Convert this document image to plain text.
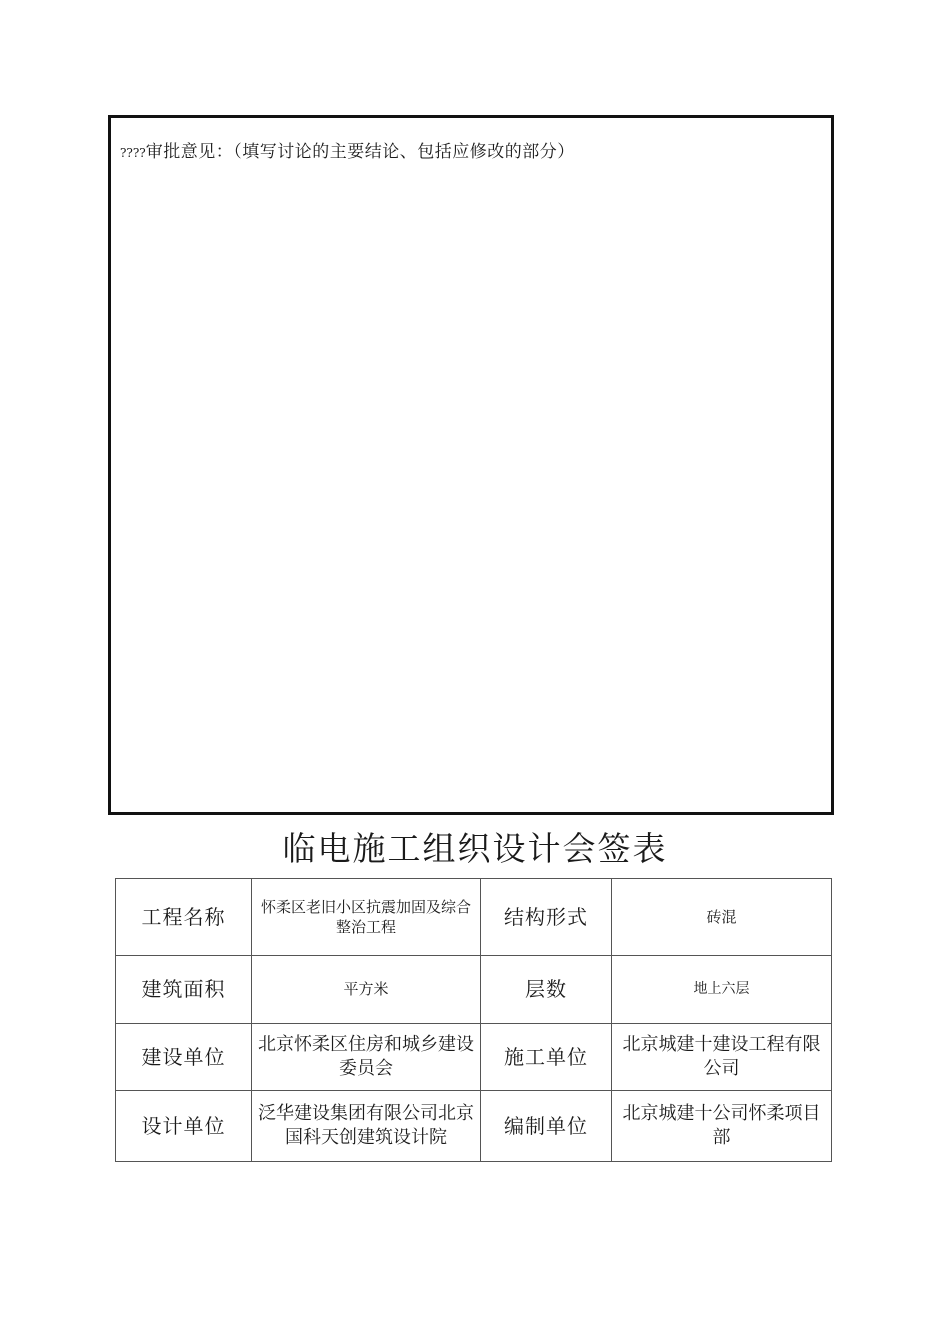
????审批意见：（填写讨论的主要结论、包括应修改的部分）
临电施工组织设计会签表
工程名称	怀柔区老旧小区抗震加固及综合整治工程	结构形式	砖混
建筑面积	平方米	层数	地上六层
建设单位	北京怀柔区住房和城乡建设委员会	施工单位	北京城建十建设工程有限公司
设计单位	泛华建设集团有限公司北京国科天创建筑设计院	编制单位	北京城建十公司怀柔项目部
